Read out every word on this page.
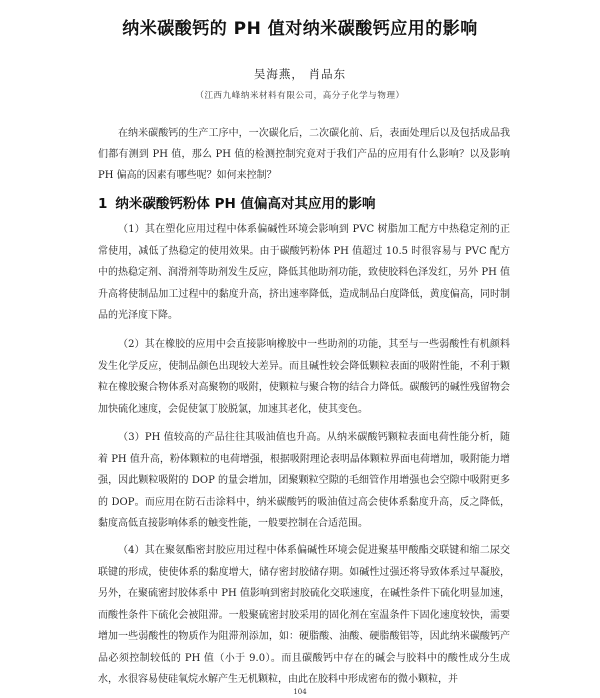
纳米碳酸钙的 PH 值对纳米碳酸钙应用的影响
吴海燕， 肖品东
（江西九峰纳米材料有限公司，高分子化学与物理）
在纳米碳酸钙的生产工序中，一次碳化后，二次碳化前、后，表面处理后以及包括成品我们都有测到 PH 值，那么 PH 值的检测控制究竟对于我们产品的应用有什么影响？以及影响 PH 偏高的因素有哪些呢？如何来控制？
1 纳米碳酸钙粉体 PH 值偏高对其应用的影响
（1）其在塑化应用过程中体系偏碱性环境会影响到 PVC 树脂加工配方中热稳定剂的正常使用，减低了热稳定的使用效果。由于碳酸钙粉体 PH 值超过 10.5 时很容易与 PVC 配方中的热稳定剂、润滑剂等助剂发生反应，降低其他助剂功能，致使胶料色泽发红，另外 PH 值升高将使制品加工过程中的黏度升高，挤出速率降低，造成制品白度降低，黄度偏高，同时制品的光泽度下降。
（2）其在橡胶的应用中会直接影响橡胶中一些助剂的功能，其至与一些弱酸性有机颜料发生化学反应，使制品颜色出现较大差异。而且碱性较会降低颗粒表面的吸附性能，不利于颗粒在橡胶聚合物体系对高聚物的吸附，使颗粒与聚合物的结合力降低。碳酸钙的碱性残留物会加快硫化速度，会促使氯丁胶脱氯，加速其老化，使其变色。
（3）PH 值较高的产品往往其吸油值也升高。从纳米碳酸钙颗粒表面电荷性能分析，随着 PH 值升高，粉体颗粒的电荷增强，根据吸附理论表明晶体颗粒界面电荷增加，吸附能力增强，因此颗粒吸附的 DOP 的量会增加，团聚颗粒空隙的毛细管作用增强也会空隙中吸附更多的 DOP。而应用在防石击涂料中，纳米碳酸钙的吸油值过高会使体系黏度升高，反之降低，黏度高低直接影响体系的触变性能，一般要控制在合适范围。
（4）其在聚氨酯密封胶应用过程中体系偏碱性环境会促进聚基甲酸酯交联键和缩二尿交联键的形成，使使体系的黏度增大，储存密封胶储存期。如碱性过强还将导致体系过早凝胶，另外，在聚硫密封胶体系中 PH 值影响到密封胶硫化交联速度，在碱性条件下硫化明显加速，而酸性条件下硫化会被阻滞。一般聚硫密封胶采用的固化剂在室温条件下固化速度较快，需要增加一些弱酸性的物质作为阻滞剂添加，如：硬脂酸、油酸、硬脂酸铝等，因此纳米碳酸钙产品必须控制较低的 PH 值（小于 9.0）。而且碳酸钙中存在的碱会与胶料中的酸性成分生成水，水很容易使硅氧烷水解产生无机颗粒，由此在胶料中形成密布的微小颗粒，并
104
